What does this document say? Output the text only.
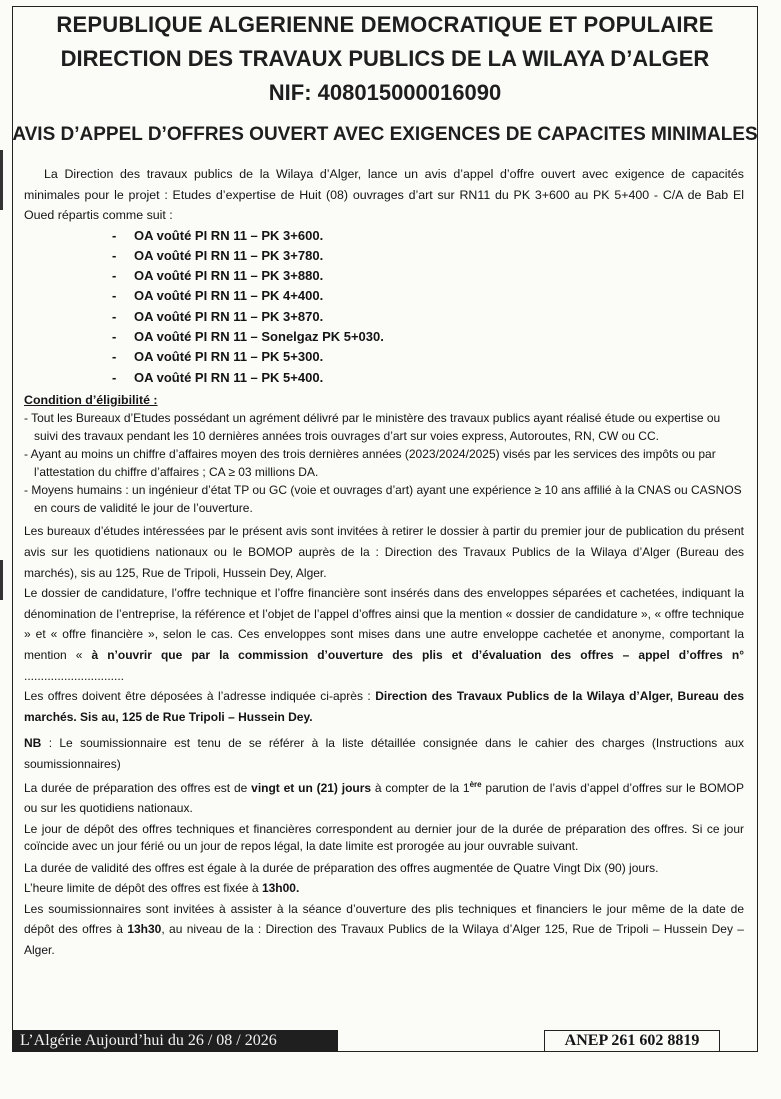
REPUBLIQUE ALGERIENNE DEMOCRATIQUE ET POPULAIRE
DIRECTION DES TRAVAUX PUBLICS DE LA WILAYA D’ALGER
NIF: 408015000016090
AVIS D’APPEL D’OFFRES OUVERT AVEC EXIGENCES DE CAPACITES MINIMALES

La Direction des travaux publics de la Wilaya d’Alger, lance un avis d’appel d’offre ouvert avec exigence de capacités minimales pour le projet : Etudes d’expertise de Huit (08) ouvrages d’art sur RN11 du PK 3+600 au PK 5+400 - C/A de Bab El Oued répartis comme suit :

- OA voûté PI RN 11 – PK 3+600.
- OA voûté PI RN 11 – PK 3+780.
- OA voûté PI RN 11 – PK 3+880.
- OA voûté PI RN 11 – PK 4+400.
- OA voûté PI RN 11 – PK 3+870.
- OA voûté PI RN 11 – Sonelgaz PK 5+030.
- OA voûté PI RN 11 – PK 5+300.
- OA voûté PI RN 11 – PK 5+400.

Condition d’éligibilité :

- Tout les Bureaux d’Etudes possédant un agrément délivré par le ministère des travaux publics ayant réalisé étude ou expertise ou suivi des travaux pendant les 10 dernières années trois ouvrages d’art sur voies express, Autoroutes, RN, CW ou CC.
- Ayant au moins un chiffre d’affaires moyen des trois dernières années (2023/2024/2025) visés par les services des impôts ou par l’attestation du chiffre d’affaires ; CA ≥ 03 millions DA.
- Moyens humains : un ingénieur d’état TP ou GC (voie et ouvrages d’art) ayant une expérience ≥ 10 ans affilié à la CNAS ou CASNOS en cours de validité le jour de l’ouverture.

Les bureaux d’études intéressées par le présent avis sont invitées à retirer le dossier à partir du premier jour de publication du présent avis sur les quotidiens nationaux ou le BOMOP auprès de la : Direction des Travaux Publics de la Wilaya d’Alger (Bureau des marchés), sis au 125, Rue de Tripoli, Hussein Dey, Alger.

Le dossier de candidature, l’offre technique et l’offre financière sont insérés dans des enveloppes séparées et cachetées, indiquant la dénomination de l’entreprise, la référence et l’objet de l’appel d’offres ainsi que la mention « dossier de candidature », « offre technique » et « offre financière », selon le cas. Ces enveloppes sont mises dans une autre enveloppe cachetée et anonyme, comportant la mention « à n’ouvrir que par la commission d’ouverture des plis et d’évaluation des offres – appel d’offres n° ..............................

Les offres doivent être déposées à l’adresse indiquée ci-après : Direction des Travaux Publics de la Wilaya d’Alger, Bureau des marchés. Sis au, 125 de Rue Tripoli – Hussein Dey.

NB : Le soumissionnaire est tenu de se référer à la liste détaillée consignée dans le cahier des charges (Instructions aux soumissionnaires)

La durée de préparation des offres est de vingt et un (21) jours à compter de la 1ère parution de l’avis d’appel d’offres sur le BOMOP ou sur les quotidiens nationaux.

Le jour de dépôt des offres techniques et financières correspondent au dernier jour de la durée de préparation des offres. Si ce jour coïncide avec un jour férié ou un jour de repos légal, la date limite est prorogée au jour ouvrable suivant.

La durée de validité des offres est égale à la durée de préparation des offres augmentée de Quatre Vingt Dix (90) jours.

L’heure limite de dépôt des offres est fixée à 13h00.

Les soumissionnaires sont invitées à assister à la séance d’ouverture des plis techniques et financiers le jour même de la date de dépôt des offres à 13h30, au niveau de la : Direction des Travaux Publics de la Wilaya d’Alger 125, Rue de Tripoli – Hussein Dey – Alger.

L’Algérie Aujourd’hui du 26 / 08 / 2026	ANEP 261 602 8819
